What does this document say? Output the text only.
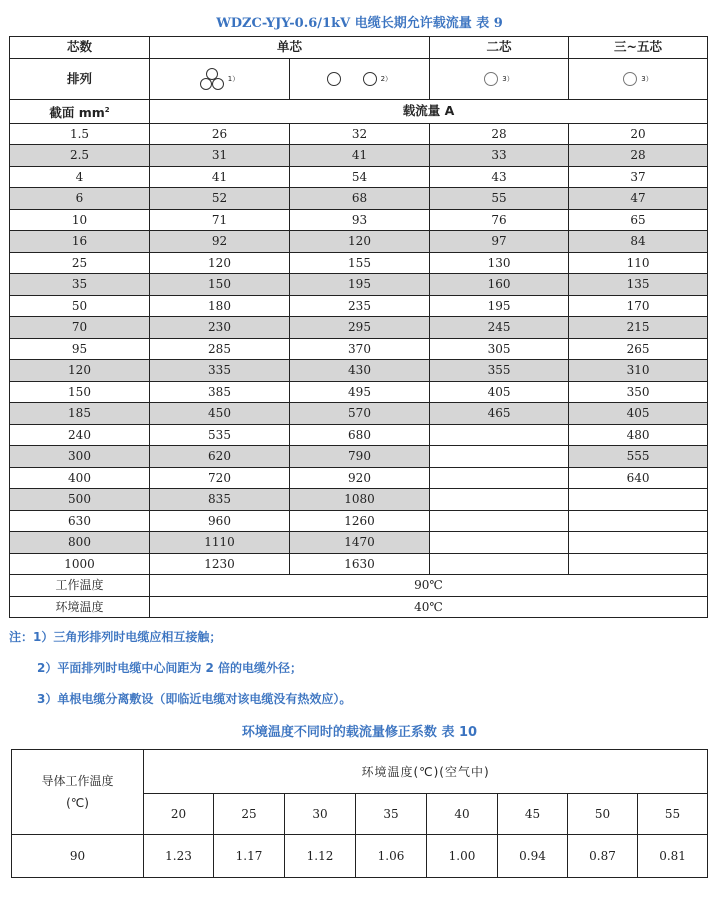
WDZC-YJY-0.6/1kV 电缆长期允许载流量 表 9
芯数	单芯		二芯	三~五芯
排列	1）	2）	3）	3）
截面 $mm^2$	载流量 A			
1.5	26	32	28	20
2.5	31	41	33	28
4	41	54	43	37
6	52	68	55	47
10	71	93	76	65
16	92	120	97	84
25	120	155	130	110
35	150	195	160	135
50	180	235	195	170
70	230	295	245	215
95	285	370	305	265
120	335	430	355	310
150	385	495	405	350
185	450	570	465	405
240	535	680		480
300	620	790		555
400	720	920		640
500	835	1080		
630	960	1260		
800	1110	1470		
1000	1230	1630		
工作温度	90℃			
环境温度	40℃			
注：1）三角形排列时电缆应相互接触；
2）平面排列时电缆中心间距为 2 倍的电缆外径；
3）单根电缆分离敷设（即临近电缆对该电缆没有热效应）。
环境温度不同时的载流量修正系数 表 10
导体工作温度
(℃)	环境温度(℃)(空气中)							
	20	25	30	35	40	45	50	55
90	1.23	1.17	1.12	1.06	1.00	0.94	0.87	0.81
